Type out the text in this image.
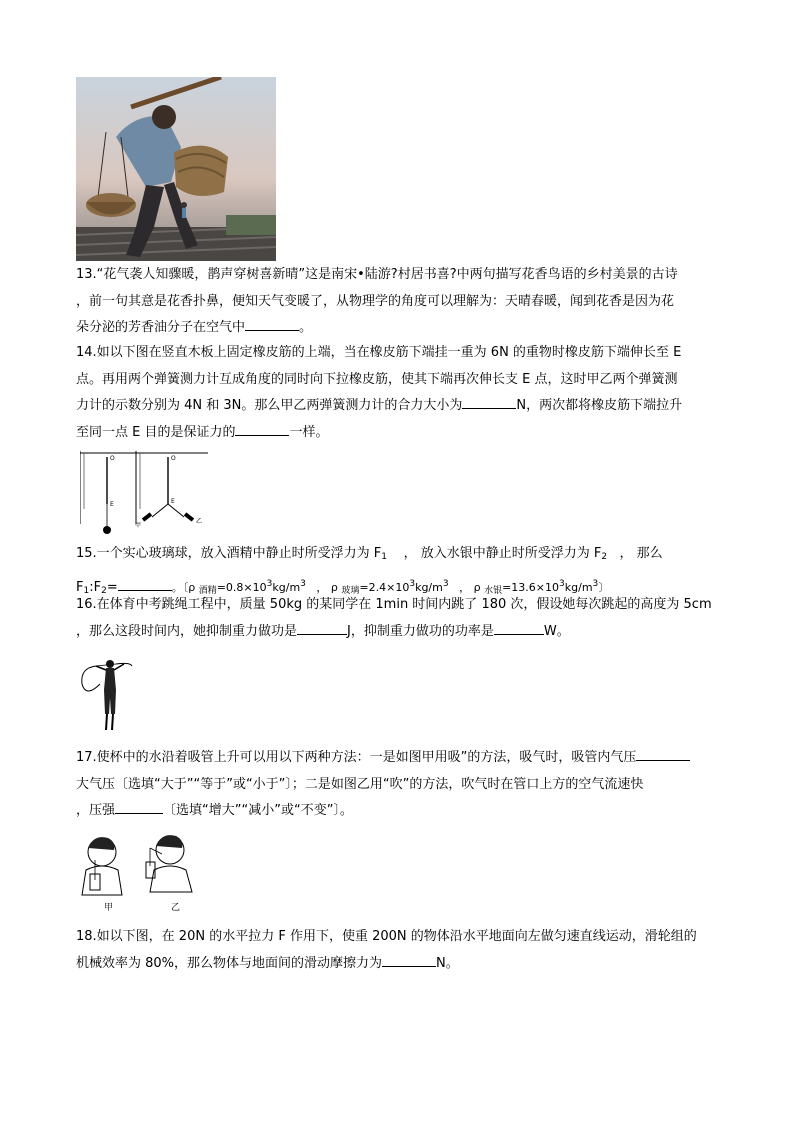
13.“花气袭人知骤暖，鹊声穿树喜新晴”这是南宋•陆游?村居书喜?中两句描写花香鸟语的乡村美景的古诗
，前一句其意是花香扑鼻，便知天气变暖了，从物理学的角度可以理解为：天晴春暖，闻到花香是因为花
朵分泌的芳香油分子在空气中	。
14.如以下图在竖直木板上固定橡皮筋的上端，当在橡皮筋下端挂一重为 6N 的重物时橡皮筋下端伸长至 E
点。再用两个弹簧测力计互成角度的同时向下拉橡皮筋，使其下端再次伸长支 E 点，这时甲乙两个弹簧测
力计的示数分别为 4N 和 3N。那么甲乙两弹簧测力计的合力大小为	N，两次都将橡皮筋下端拉升
至同一点 E 目的是保证力的	一样。
O
E
O
E
甲
乙
15.一个实心玻璃球，放入酒精中静止时所受浮力为 $F_1$ ， 放入水银中静止时所受浮力为 $F_2$ ， 那么
$F_1:F_2=$	。〔ρ $_{酒精}=0.8\times 10^3kg/m^3$ ， ρ $_{玻璃}=2.4\times 10^3kg/m^3$ ， ρ $_{水银}=13.6\times 10^3kg/m^3$〕
16.在体育中考跳绳工程中，质量 50kg 的某同学在 1min 时间内跳了 180 次，假设她每次跳起的高度为 5cm
，那么这段时间内，她抑制重力做功是	J，抑制重力做功的功率是	W。
17.使杯中的水沿着吸管上升可以用以下两种方法：一是如图甲用吸”的方法，吸气时，吸管内气压
大气压〔选填“大于”“等于”或“小于”〕；二是如图乙用“吹”的方法，吹气时在管口上方的空气流速快
，压强	〔选填“增大”“减小”或“不变”〕。
甲	乙
18.如以下图，在 20N 的水平拉力 F 作用下，使重 200N 的物体沿水平地面向左做匀速直线运动，滑轮组的
机械效率为 80%，那么物体与地面间的滑动摩擦力为	N。
